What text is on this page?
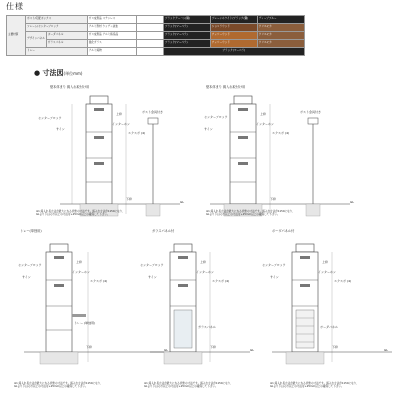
仕様
主要材質	ポスト/宅配ボックス		ガス成形品 ステンレス		ブラックアーバン(鋼)	プレーンホワイト/ブラック(鋼)	ディープブルー
	フレーム/センターブロック		アルミ形材 ウッディ塗装		ブラック(マーベラ)	ショコラウッド	クリエモカ
	デザインパネル	ボーダパネル	ガス成形品 アルミ鋳造品		ブラック(マーベラ)	チェリーウッド	クリエモカ
		ガラスパネル	強化ガラス		ブラック(マーベラ)	チェリーウッド	クリエモカ
	トレー		アルミ鋳物		ブラック(マーベラ)		
● 寸法図(単位mm)
壁本体まり 鋳入れ取付け用
センターブロック
上枠
インターホン
サイン
エクスポ (4)
ポスト金具付き
GL
下枠
壁本体まり 鋳入れ取付け用
センターブロック
上枠
インターホン
サイン
エクスポ (4)
ポスト金具付き
GL
下枠
トレー(単独用)
センターブロック
上枠
インターホン
サイン
エクスポ (4)
トレー (単独用)
GL
下枠
ガラスパネル付
センターブロック
上枠
インターホン
サイン
エクスポ (4)
ガラスパネル
GL
下枠
ボーダパネル付
センターブロック
上枠
インターホン
サイン
エクスポ (4)
ボーダパネル
GL
下枠
※1 鋳入れ長寸法が最大になる状態の寸法です。鋳入れ寸法が1150になり、
GLより下はそれ以上の寸法を+25mm以上の確保して下さい。
※1 鋳入れ長寸法が最大になる状態の寸法です。鋳入れ寸法が1150になり、
GLより下はそれ以上の寸法を+25mm以上の確保して下さい。
※1 鋳入れ長寸法が最大になる状態の寸法です。鋳入れ寸法が1150になり、
GLより下はそれ以上の寸法を+25mm以上の確保して下さい。
※1 鋳入れ長寸法が最大になる状態の寸法です。鋳入れ寸法が1150になり、
GLより下はそれ以上の寸法を+25mm以上の確保して下さい。
※1 鋳入れ長寸法が最大になる状態の寸法です。鋳入れ寸法が1150になり、
GLより下はそれ以上の寸法を+25mm以上の確保して下さい。
